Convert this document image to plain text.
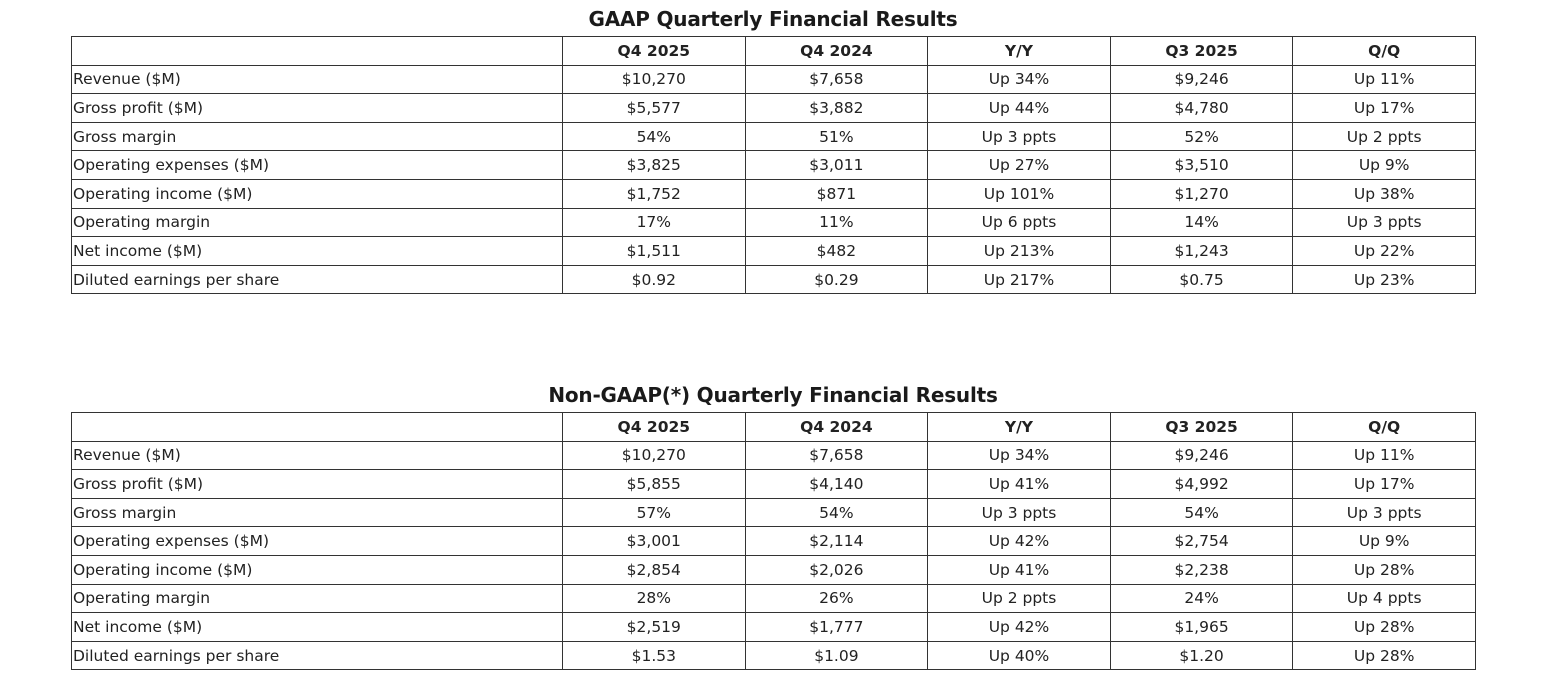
GAAP Quarterly Financial Results
	Q4 2025	Q4 2024	Y/Y	Q3 2025	Q/Q
Revenue ($M)	$10,270	$7,658	Up 34%	$9,246	Up 11%
Gross profit ($M)	$5,577	$3,882	Up 44%	$4,780	Up 17%
Gross margin	54%	51%	Up 3 ppts	52%	Up 2 ppts
Operating expenses ($M)	$3,825	$3,011	Up 27%	$3,510	Up 9%
Operating income ($M)	$1,752	$871	Up 101%	$1,270	Up 38%
Operating margin	17%	11%	Up 6 ppts	14%	Up 3 ppts
Net income ($M)	$1,511	$482	Up 213%	$1,243	Up 22%
Diluted earnings per share	$0.92	$0.29	Up 217%	$0.75	Up 23%
Non-GAAP(*) Quarterly Financial Results
	Q4 2025	Q4 2024	Y/Y	Q3 2025	Q/Q
Revenue ($M)	$10,270	$7,658	Up 34%	$9,246	Up 11%
Gross profit ($M)	$5,855	$4,140	Up 41%	$4,992	Up 17%
Gross margin	57%	54%	Up 3 ppts	54%	Up 3 ppts
Operating expenses ($M)	$3,001	$2,114	Up 42%	$2,754	Up 9%
Operating income ($M)	$2,854	$2,026	Up 41%	$2,238	Up 28%
Operating margin	28%	26%	Up 2 ppts	24%	Up 4 ppts
Net income ($M)	$2,519	$1,777	Up 42%	$1,965	Up 28%
Diluted earnings per share	$1.53	$1.09	Up 40%	$1.20	Up 28%
